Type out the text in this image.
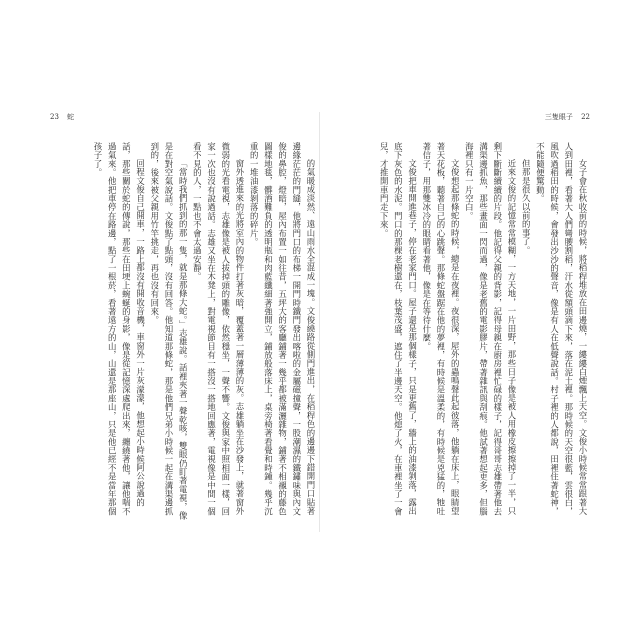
23 蛇

的氣暖成淡然、遠山雨水全混成一塊。文俊繞路從側門進出，在稻稈色的邊邊下錯開門口貼著邊緣茫茫的門縫，他將門口的布梯一開門時鐵門發出喀啦的金屬磁撞聲，一股潮濕的鐵鏽味與內文俊的鼻腔，燈暗，屋內布置一如往昔，五坪大的客廳鋪著一幾乎都被滿灑雜物，鋪著不相襯的藤色圖樣地毯，髒酒難負的透明瓶和肉藍纖細著強開立，鋪放般落床上，桌旁椅著看覺和時鍾。幾乎沉重的一堆油漆剝落的碎片。

窗外透進來的光將室內的物件打著灰暗，覆蓋著一層薄薄的灰。志雄躺坐在沙發上，就著窗外微弱的光看電視，志雄像是被人拔掉頭的雕像，依然穩坐，一聲不響。文俊與家中照相面一樣，回家一次也沒有說過話。志雄又坐在木凳上，對電視節目有一搭沒一搭地回應著，電視像是中間一個看不見的人，一點也不會太過安靜。

「當時我們抓到的那一隻，就是那條大蛇。」志雄說。話裡夾著一聲乾咳，雙眼仍盯著電視，像是在對空氣說話。文俊點了點頭，沒有回答。他知道那條蛇，那是他們兄弟小時候一起在溝渠邊抓到的，後來被父親用竹竿挑走，再也沒有回來。

回程文俊自己開車，一路上都沒有開收音機，車窗外一片灰濛濛，他想起小時候阿公說過的話，那些關於蛇的傳說，那些在田埂上蜿蜒的身影，像是從記憶深處爬出來，纏繞著他，讓他喘不過氣來。他把車停在路邊，點了一根菸，看著遠方的山，山還是那座山，只是他已經不是當年那個孩子了。

三隻眼子 22

女子會在秋收前的時候，將稻稈堆放在田邊燒，一縷縷白煙飄上天空。文俊小時候常常跟著大人到田裡，看著大人們彎腰割稻，汗水從額頭滴下來，落在泥土裡。那時候的天空很藍，雲很白，風吹過稻田的時候，會發出沙沙的聲音，像是有人在低聲說話。村子裡的人都說，田裡住著蛇神，不能隨便驚動。

但那是很久以前的事了。

近來文俊的記憶常常模糊，一方天地，一片田野，那些日子像是被人用橡皮擦擦掉了一半，只剩下斷斷續續的片段。他記得父親的背影，記得母親在廚房裡忙碌的樣子，記得哥哥志雄帶著他去溝渠邊抓魚，那些畫面一閃而過，像是老舊的電影膠片，帶著雜訊與刮痕。他試著想起更多，但腦海裡只有一片空白。

文俊想起那條蛇的時候，總是在夜裡。夜很深，屋外的蟲鳴聲此起彼落，他躺在床上，眼睛望著天花板，聽著自己的心跳聲。那條蛇盤踞在他的夢裡，有時候是溫柔的，有時候是兇猛的，牠吐著信子，用那雙冰冷的眼睛看著他，像是在等待什麼。

文俊把車開進巷子，停在老家門口。屋子還是那個樣子，只是更舊了，牆上的油漆剝落，露出底下灰色的水泥。門口的那棵老樹還在，枝葉茂盛，遮住了半邊天空。他熄了火，在車裡坐了一會兒，才推開車門走下來。
